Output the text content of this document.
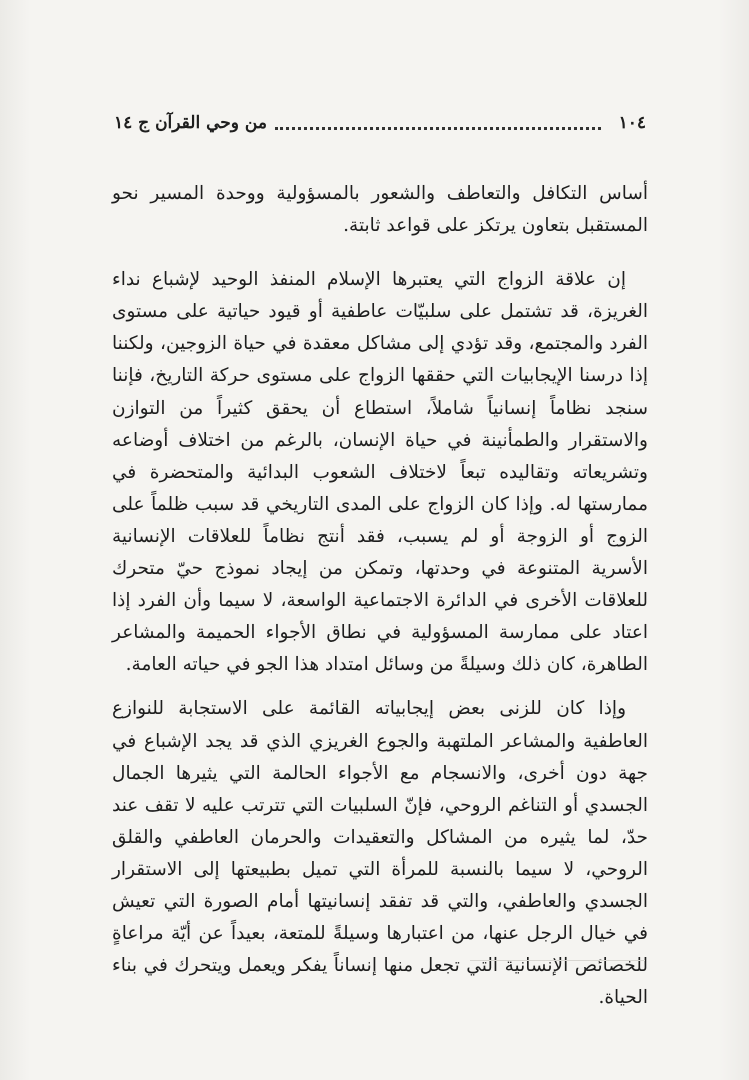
١٠٤
من وحي القرآن ج ١٤

أساس التكافل والتعاطف والشعور بالمسؤولية ووحدة المسير نحو المستقبل بتعاون يرتكز على قواعد ثابتة.

إن علاقة الزواج التي يعتبرها الإسلام المنفذ الوحيد لإشباع نداء الغريزة، قد تشتمل على سلبيّات عاطفية أو قيود حياتية على مستوى الفرد والمجتمع، وقد تؤدي إلى مشاكل معقدة في حياة الزوجين، ولكننا إذا درسنا الإيجابيات التي حققها الزواج على مستوى حركة التاريخ، فإننا سنجد نظاماً إنسانياً شاملاً، استطاع أن يحقق كثيراً من التوازن والاستقرار والطمأنينة في حياة الإنسان، بالرغم من اختلاف أوضاعه وتشريعاته وتقاليده تبعاً لاختلاف الشعوب البدائية والمتحضرة في ممارستها له. وإذا كان الزواج على المدى التاريخي قد سبب ظلماً على الزوج أو الزوجة أو لم يسبب، فقد أنتج نظاماً للعلاقات الإنسانية الأسرية المتنوعة في وحدتها، وتمكن من إيجاد نموذج حيّ متحرك للعلاقات الأخرى في الدائرة الاجتماعية الواسعة، لا سيما وأن الفرد إذا اعتاد على ممارسة المسؤولية في نطاق الأجواء الحميمة والمشاعر الطاهرة، كان ذلك وسيلةً من وسائل امتداد هذا الجو في حياته العامة.

وإذا كان للزنى بعض إيجابياته القائمة على الاستجابة للنوازع العاطفية والمشاعر الملتهبة والجوع الغريزي الذي قد يجد الإشباع في جهة دون أخرى، والانسجام مع الأجواء الحالمة التي يثيرها الجمال الجسدي أو التناغم الروحي، فإنّ السلبيات التي تترتب عليه لا تقف عند حدّ، لما يثيره من المشاكل والتعقيدات والحرمان العاطفي والقلق الروحي، لا سيما بالنسبة للمرأة التي تميل بطبيعتها إلى الاستقرار الجسدي والعاطفي، والتي قد تفقد إنسانيتها أمام الصورة التي تعيش في خيال الرجل عنها، من اعتبارها وسيلةً للمتعة، بعيداً عن أيّة مراعاةٍ للخصائص الإنسانية التي تجعل منها إنساناً يفكر ويعمل ويتحرك في بناء الحياة.
